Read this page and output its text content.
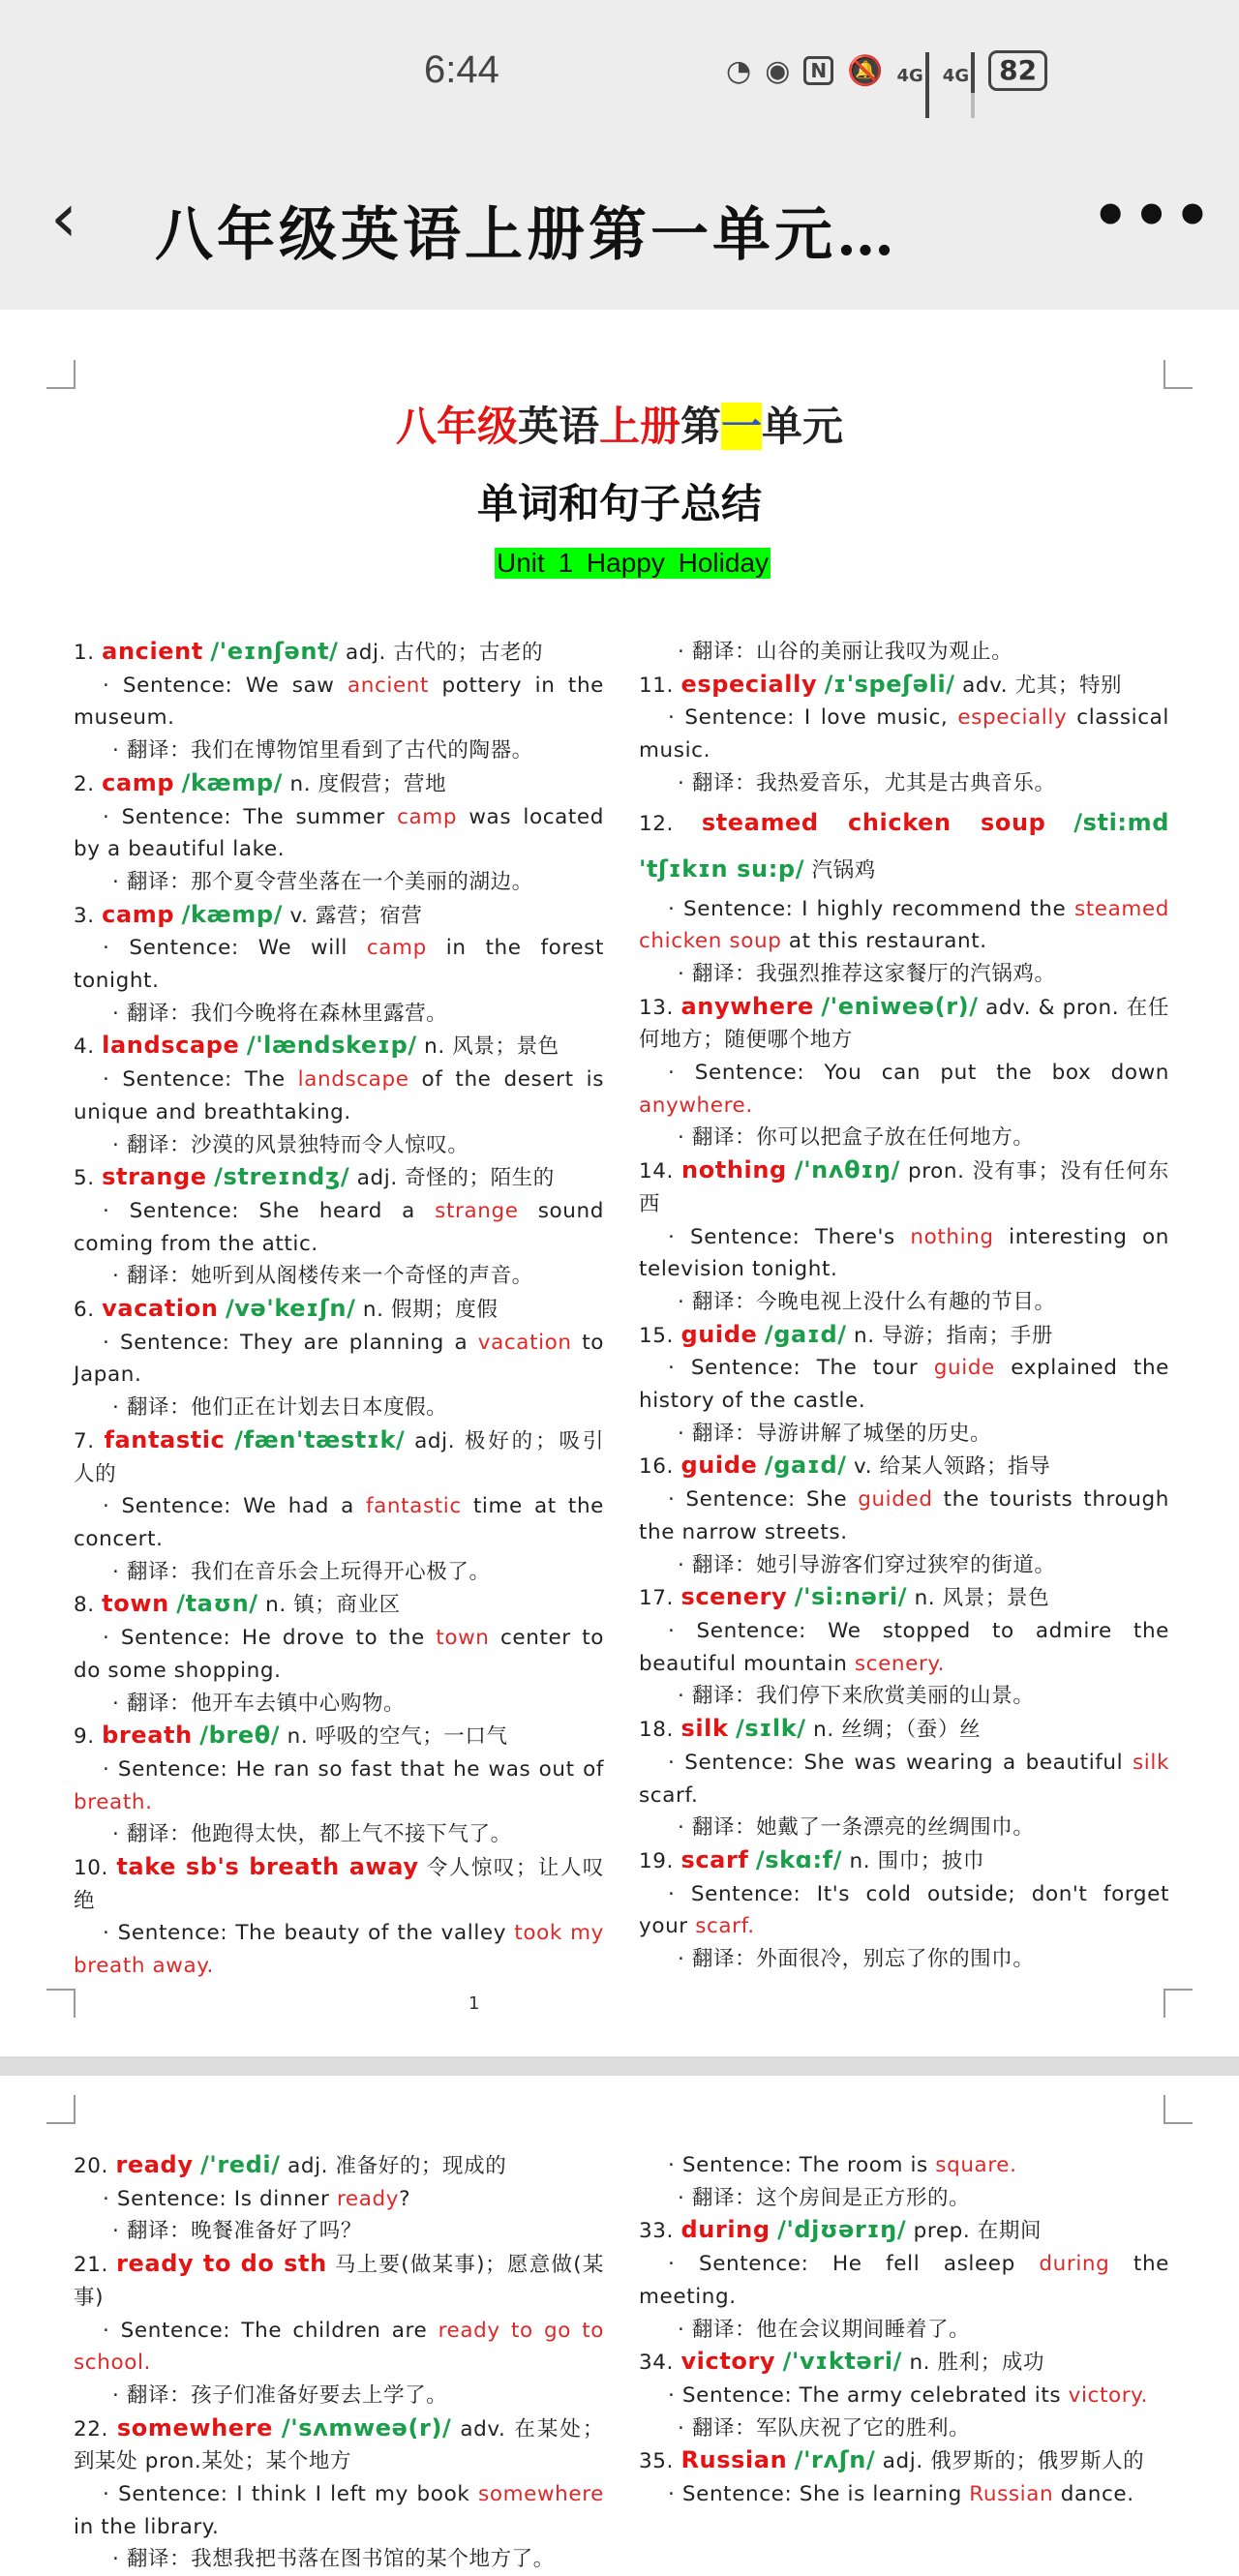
6:44	◔ ◉	N 🔕 4G	4G	82
‹ 八年级英语上册第一单元…	•••
八年级英语上册第一单元
单词和句子总结
Unit 1 Happy Holiday
1. ancient /'eɪnʃənt/ adj. 古代的；古老的
· Sentence: We saw ancient pottery in the museum.
· 翻译：我们在博物馆里看到了古代的陶器。
2. camp /kæmp/ n. 度假营；营地
· Sentence: The summer camp was located by a beautiful lake.
· 翻译：那个夏令营坐落在一个美丽的湖边。
3. camp /kæmp/ v. 露营；宿营
· Sentence: We will camp in the forest tonight.
· 翻译：我们今晚将在森林里露营。
4. landscape /'lændskeɪp/ n. 风景；景色
· Sentence: The landscape of the desert is unique and breathtaking.
· 翻译：沙漠的风景独特而令人惊叹。
5. strange /streɪndʒ/ adj. 奇怪的；陌生的
· Sentence: She heard a strange sound coming from the attic.
· 翻译：她听到从阁楼传来一个奇怪的声音。
6. vacation /və'keɪʃn/ n. 假期；度假
· Sentence: They are planning a vacation to Japan.
· 翻译：他们正在计划去日本度假。
7. fantastic /fæn'tæstɪk/ adj. 极好的；吸引人的
· Sentence: We had a fantastic time at the concert.
· 翻译：我们在音乐会上玩得开心极了。
8. town /taʊn/ n. 镇；商业区
· Sentence: He drove to the town center to do some shopping.
· 翻译：他开车去镇中心购物。
9. breath /breθ/ n. 呼吸的空气；一口气
· Sentence: He ran so fast that he was out of breath.
· 翻译：他跑得太快，都上气不接下气了。
10. take sb's breath away 令人惊叹；让人叹绝
· Sentence: The beauty of the valley took my breath away.
· 翻译：山谷的美丽让我叹为观止。
11. especially /ɪ'speʃəli/ adv. 尤其；特别
· Sentence: I love music, especially classical music.
· 翻译：我热爱音乐，尤其是古典音乐。
12. steamed chicken soup /sti:md 'tʃɪkɪn su:p/ 汽锅鸡
· Sentence: I highly recommend the steamed chicken soup at this restaurant.
· 翻译：我强烈推荐这家餐厅的汽锅鸡。
13. anywhere /'eniweə(r)/ adv. & pron. 在任何地方；随便哪个地方
· Sentence: You can put the box down anywhere.
· 翻译：你可以把盒子放在任何地方。
14. nothing /'nʌθɪŋ/ pron. 没有事；没有任何东西
· Sentence: There's nothing interesting on television tonight.
· 翻译：今晚电视上没什么有趣的节目。
15. guide /gaɪd/ n. 导游；指南；手册
· Sentence: The tour guide explained the history of the castle.
· 翻译：导游讲解了城堡的历史。
16. guide /gaɪd/ v. 给某人领路；指导
· Sentence: She guided the tourists through the narrow streets.
· 翻译：她引导游客们穿过狭窄的街道。
17. scenery /'si:nəri/ n. 风景；景色
· Sentence: We stopped to admire the beautiful mountain scenery.
· 翻译：我们停下来欣赏美丽的山景。
18. silk /sɪlk/ n. 丝绸；（蚕）丝
· Sentence: She was wearing a beautiful silk scarf.
· 翻译：她戴了一条漂亮的丝绸围巾。
19. scarf /skɑ:f/ n. 围巾；披巾
· Sentence: It's cold outside; don't forget your scarf.
· 翻译：外面很冷，别忘了你的围巾。
1
20. ready /'redi/ adj. 准备好的；现成的
· Sentence: Is dinner ready?
· 翻译：晚餐准备好了吗？
21. ready to do sth 马上要(做某事)；愿意做(某事)
· Sentence: The children are ready to go to school.
· 翻译：孩子们准备好要去上学了。
22. somewhere /'sʌmweə(r)/ adv. 在某处；到某处 pron.某处；某个地方
· Sentence: I think I left my book somewhere in the library.
· 翻译：我想我把书落在图书馆的某个地方了。
· Sentence: The room is square.
· 翻译：这个房间是正方形的。
33. during /'djʊərɪŋ/ prep. 在期间
· Sentence: He fell asleep during the meeting.
· 翻译：他在会议期间睡着了。
34. victory /'vɪktəri/ n. 胜利；成功
· Sentence: The army celebrated its victory.
· 翻译：军队庆祝了它的胜利。
35. Russian /'rʌʃn/ adj. 俄罗斯的；俄罗斯人的
· Sentence: She is learning Russian dance.
